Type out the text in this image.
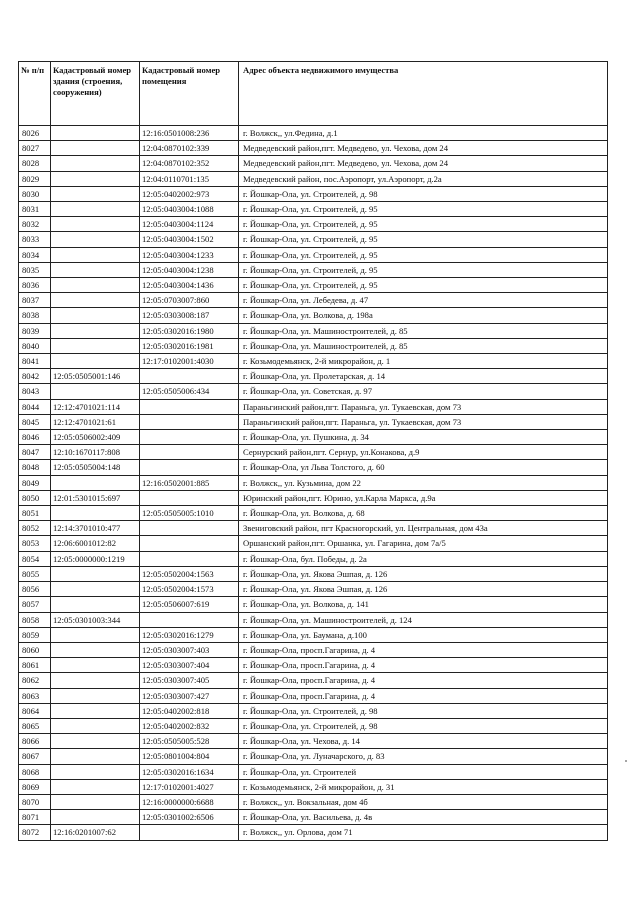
№ п/п	Кадастровый номер здания (строения, сооружения)	Кадастровый номер помещения	Адрес объекта недвижимого имущества
8026		12:16:0501008:236	г. Волжск,, ул.Федина, д.1
8027		12:04:0870102:339	Медведевский район,пгт. Медведево, ул. Чехова, дом 24
8028		12:04:0870102:352	Медведевский район,пгт. Медведево, ул. Чехова, дом 24
8029		12:04:0110701:135	Медведевский район, пос.Аэропорт, ул.Аэропорт, д.2а
8030		12:05:0402002:973	г. Йошкар-Ола, ул. Строителей, д. 98
8031		12:05:0403004:1088	г. Йошкар-Ола, ул. Строителей, д. 95
8032		12:05:0403004:1124	г. Йошкар-Ола, ул. Строителей, д. 95
8033		12:05:0403004:1502	г. Йошкар-Ола, ул. Строителей, д. 95
8034		12:05:0403004:1233	г. Йошкар-Ола, ул. Строителей, д. 95
8035		12:05:0403004:1238	г. Йошкар-Ола, ул. Строителей, д. 95
8036		12:05:0403004:1436	г. Йошкар-Ола, ул. Строителей, д. 95
8037		12:05:0703007:860	г. Йошкар-Ола, ул. Лебедева, д. 47
8038		12:05:0303008:187	г. Йошкар-Ола, ул. Волкова, д. 198а
8039		12:05:0302016:1980	г. Йошкар-Ола, ул. Машиностроителей, д. 85
8040		12:05:0302016:1981	г. Йошкар-Ола, ул. Машиностроителей, д. 85
8041		12:17:0102001:4030	г. Козьмодемьянск, 2-й микрорайон, д. 1
8042	12:05:0505001:146		г. Йошкар-Ола, ул. Пролетарская, д. 14
8043		12:05:0505006:434	г. Йошкар-Ола, ул. Советская, д. 97
8044	12:12:4701021:114		Параньгинский район,пгт. Параньга, ул. Тукаевская, дом 73
8045	12:12:4701021:61		Параньгинский район,пгт. Параньга, ул. Тукаевская, дом 73
8046	12:05:0506002:409		г. Йошкар-Ола, ул. Пушкина, д. 34
8047	12:10:1670117:808		Сернурский район,пгт. Сернур, ул.Конакова, д.9
8048	12:05:0505004:148		г. Йошкар-Ола, ул Льва Толстого, д. 60
8049		12:16:0502001:885	г. Волжск,, ул. Кузьмина, дом 22
8050	12:01:5301015:697		Юринский район,пгт. Юрино, ул.Карла Маркса, д.9а
8051		12:05:0505005:1010	г. Йошкар-Ола, ул. Волкова, д. 68
8052	12:14:3701010:477		Звениговский район, пгт Красногорский, ул. Центральная, дом 43а
8053	12:06:6001012:82		Оршанский район,пгт. Оршанка, ул. Гагарина, дом 7а/5
8054	12:05:0000000:1219		г. Йошкар-Ола, бул. Победы, д. 2а
8055		12:05:0502004:1563	г. Йошкар-Ола, ул. Якова Эшпая, д. 126
8056		12:05:0502004:1573	г. Йошкар-Ола, ул. Якова Эшпая, д. 126
8057		12:05:0506007:619	г. Йошкар-Ола, ул. Волкова, д. 141
8058	12:05:0301003:344		г. Йошкар-Ола, ул. Машиностроителей, д. 124
8059		12:05:0302016:1279	г. Йошкар-Ола, ул. Баумана, д.100
8060		12:05:0303007:403	г. Йошкар-Ола, просп.Гагарина, д. 4
8061		12:05:0303007:404	г. Йошкар-Ола, просп.Гагарина, д. 4
8062		12:05:0303007:405	г. Йошкар-Ола, просп.Гагарина, д. 4
8063		12:05:0303007:427	г. Йошкар-Ола, просп.Гагарина, д. 4
8064		12:05:0402002:818	г. Йошкар-Ола, ул. Строителей, д. 98
8065		12:05:0402002:832	г. Йошкар-Ола, ул. Строителей, д. 98
8066		12:05:0505005:528	г. Йошкар-Ола, ул. Чехова, д. 14
8067		12:05:0801004:804	г. Йошкар-Ола, ул. Луначарского, д. 83
8068		12:05:0302016:1634	г. Йошкар-Ола, ул. Строителей
8069		12:17:0102001:4027	г. Козьмодемьянск, 2-й микрорайон, д. 31
8070		12:16:0000000:6688	г. Волжск,, ул. Вокзальная, дом 4б
8071		12:05:0301002:6506	г. Йошкар-Ола, ул. Васильева, д. 4в
8072	12:16:0201007:62		г. Волжск,, ул. Орлова, дом 71
